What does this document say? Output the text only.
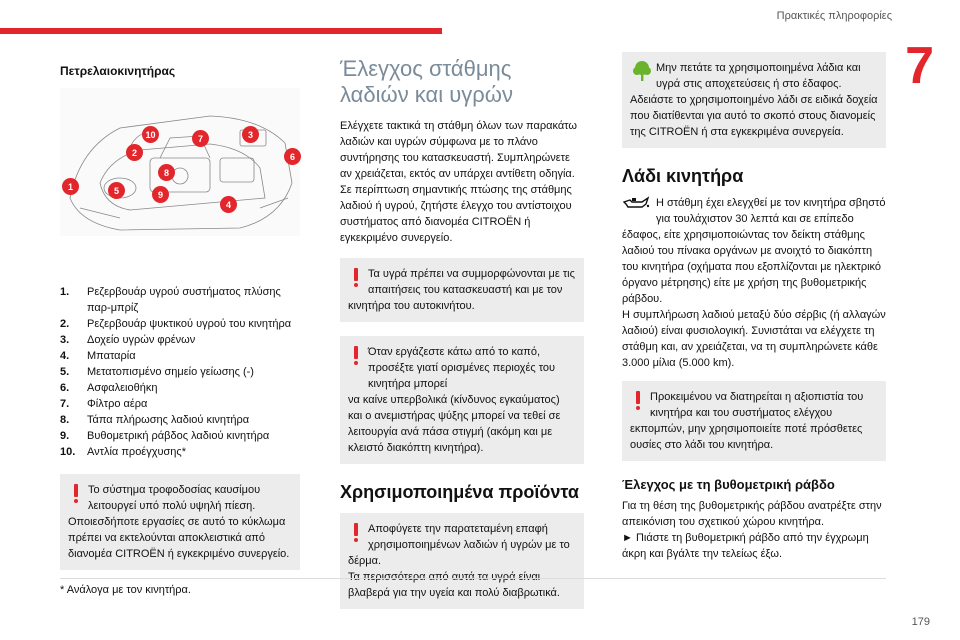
Πρακτικές πληροφορίες
7
Πετρελαιοκινητήρας
1
2
3
4
5
6
7
8
9
10
1.	Ρεζερβουάρ υγρού συστήματος πλύσης παρ-μπρίζ
2.	Ρεζερβουάρ ψυκτικού υγρού του κινητήρα
3.	Δοχείο υγρών φρένων
4.	Μπαταρία
5.	Μετατοπισμένο σημείο γείωσης (-)
6.	Ασφαλειοθήκη
7.	Φίλτρο αέρα
8.	Τάπα πλήρωσης λαδιού κινητήρα
9.	Βυθομετρική ράβδος λαδιού κινητήρα
10.	Αντλία προέγχυσης*
Το σύστημα τροφοδοσίας καυσίμου λειτουργεί υπό πολύ υψηλή πίεση.
Οποιεσδήποτε εργασίες σε αυτό το κύκλωμα πρέπει να εκτελούνται αποκλειστικά από διανομέα CITROËN ή εγκεκριμένο συνεργείο.
Έλεγχος στάθμης λαδιών και υγρών

Ελέγχετε τακτικά τη στάθμη όλων των παρακάτω λαδιών και υγρών σύμφωνα με το πλάνο συντήρησης του κατασκευαστή. Συμπληρώνετε αν χρειάζεται, εκτός αν υπάρχει αντίθετη οδηγία.

Σε περίπτωση σημαντικής πτώσης της στάθμης λαδιού ή υγρού, ζητήστε έλεγχο του αντίστοιχου συστήματος από διανομέα CITROËN ή εγκεκριμένο συνεργείο.

Τα υγρά πρέπει να συμμορφώνονται με τις απαιτήσεις του κατασκευαστή και με τον
κινητήρα του αυτοκινήτου.
Όταν εργάζεστε κάτω από το καπό, προσέξτε γιατί ορισμένες περιοχές του κινητήρα μπορεί
να καίνε υπερβολικά (κίνδυνος εγκαύματος) και ο ανεμιστήρας ψύξης μπορεί να τεθεί σε λειτουργία ανά πάσα στιγμή (ακόμη και με κλειστό διακόπτη κινητήρα).
Χρησιμοποιημένα προϊόντα
Αποφύγετε την παρατεταμένη επαφή χρησιμοποιημένων λαδιών ή υγρών με το
δέρμα.
Τα περισσότερα από αυτά τα υγρά είναι βλαβερά για την υγεία και πολύ διαβρωτικά.
Μην πετάτε τα χρησιμοποιημένα λάδια και υγρά στις αποχετεύσεις ή στο έδαφος.
Αδειάστε το χρησιμοποιημένο λάδι σε ειδικά δοχεία που διατίθενται για αυτό το σκοπό στους διανομείς της CITROËN ή στα εγκεκριμένα συνεργεία.
Λάδι κινητήρα

Η στάθμη έχει ελεγχθεί με τον κινητήρα σβηστό για τουλάχιστον 30 λεπτά και σε επίπεδο

έδαφος, είτε χρησιμοποιώντας τον δείκτη στάθμης λαδιού του πίνακα οργάνων με ανοιχτό το διακόπτη του κινητήρα (οχήματα που εξοπλίζονται με ηλεκτρικό όργανο μέτρησης) είτε με χρήση της βυθομετρικής ράβδου.

Η συμπλήρωση λαδιού μεταξύ δύο σέρβις (ή αλλαγών λαδιού) είναι φυσιολογική. Συνιστάται να ελέγχετε τη στάθμη και, αν χρειάζεται, να τη συμπληρώνετε κάθε 3.000 μίλια (5.000 km).

Προκειμένου να διατηρείται η αξιοπιστία του κινητήρα και του συστήματος ελέγχου
εκπομπών, μην χρησιμοποιείτε ποτέ πρόσθετες ουσίες στο λάδι του κινητήρα.
Έλεγχος με τη βυθομετρική ράβδο

Για τη θέση της βυθομετρικής ράβδου ανατρέξτε στην απεικόνιση του σχετικού χώρου κινητήρα.

► Πιάστε τη βυθομετρική ράβδο από την έγχρωμη άκρη και βγάλτε την τελείως έξω.

* Ανάλογα με τον κινητήρα.
179
